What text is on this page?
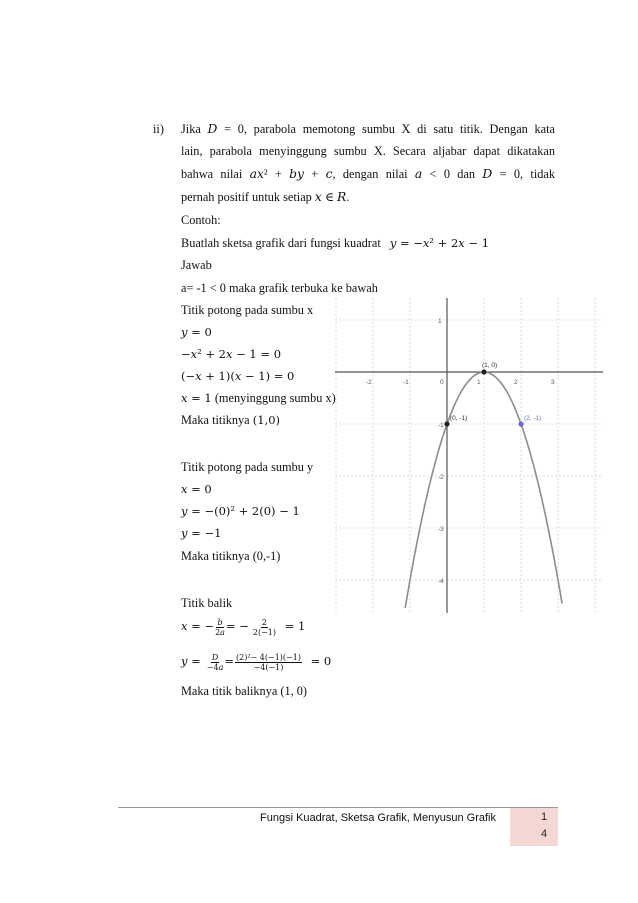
ii) Jika 𝐷 = 0, parabola memotong sumbu X di satu titik. Dengan kata
lain, parabola menyinggung sumbu X. Secara aljabar dapat dikatakan
bahwa nilai 𝑎𝑥² + 𝑏𝑦 + 𝑐, dengan nilai 𝑎 < 0 dan 𝐷 = 0, tidak
pernah positif untuk setiap 𝑥 ∈ 𝑅.
Contoh:
Buatlah sketsa grafik dari fungsi kuadrat 𝑦 = −𝑥² + 2𝑥 − 1
Jawab
a= -1 < 0 maka grafik terbuka ke bawah
Titik potong pada sumbu x
𝑦 = 0
−𝑥² + 2𝑥 − 1 = 0
(−𝑥 + 1)(𝑥 − 1) = 0
𝑥 = 1 (menyinggung sumbu x)
Maka titiknya (1,0)
Titik potong pada sumbu y
𝑥 = 0
𝑦 = −(0)² + 2(0) − 1
𝑦 = −1
Maka titiknya (0,-1)
Titik balik
𝑥 = − $\frac{\text{𝑏}}{\text{2𝑎}}$ = − $\frac{2}{2(-1)} = 1$
𝑦 = $\frac{\text{𝐷}}{\text{−4𝑎}} = \frac{\text{(2)²− 4(−1)(−1)}}{-4(-1)} = 0$
Maka titik baliknya (1, 0)
-2	-1	0	1	2	3
1
-1
-2
-3
-4
(1, 0)
(0, -1)	(2, -1)
Fungsi Kuadrat, Sketsa Grafik, Menyusun Grafik	1
4
